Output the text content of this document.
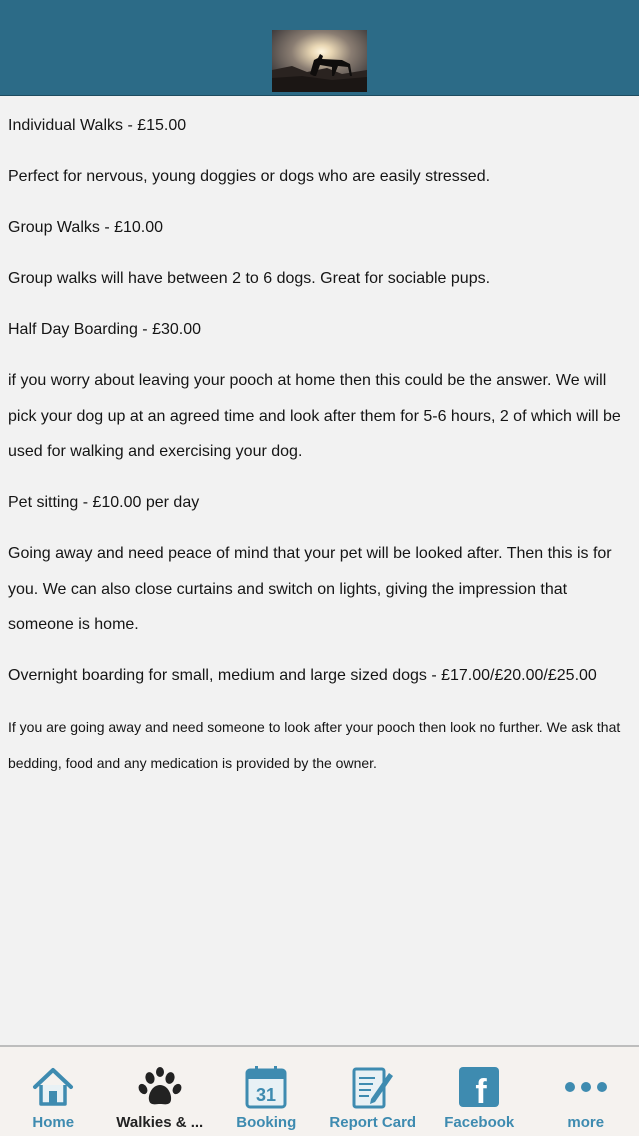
Individual Walks - £15.00

Perfect for nervous, young doggies or dogs who are easily stressed.

Group Walks - £10.00

Group walks will have between 2 to 6 dogs. Great for sociable pups.

Half Day Boarding - £30.00

if you worry about leaving your pooch at home then this could be the answer. We will pick your dog up at an agreed time and look after them for 5-6 hours, 2 of which will be used for walking and exercising your dog.

Pet sitting - £10.00 per day

Going away and need peace of mind that your pet will be looked after. Then this is for you. We can also close curtains and switch on lights, giving the impression that someone is home.

Overnight boarding for small, medium and large sized dogs - £17.00/£20.00/£25.00

If you are going away and need someone to look after your pooch then look no further. We ask that bedding, food and any medication is provided by the owner.

Home	Walkies & ...
31
Booking	Report Card
f
Facebook	more
